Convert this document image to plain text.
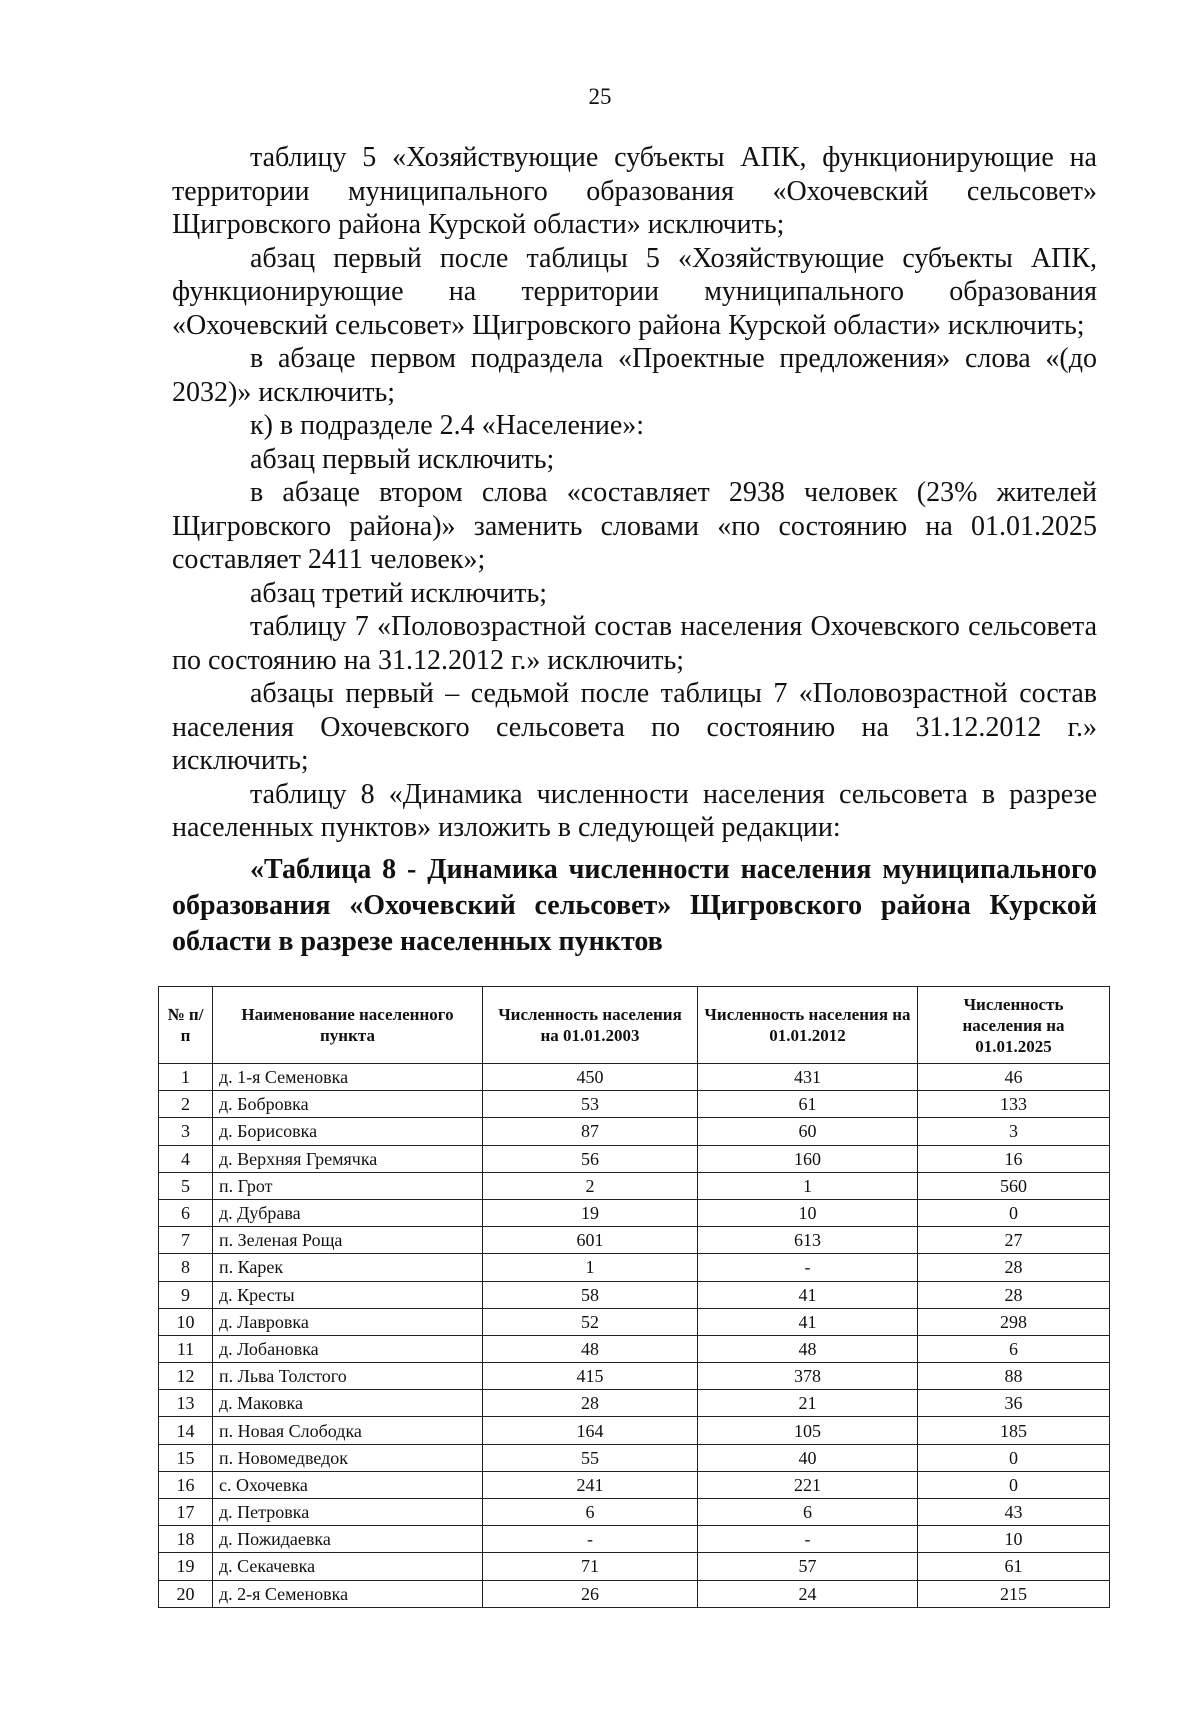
25

таблицу 5 «Хозяйствующие субъекты АПК, функционирующие на территории муниципального образования «Охочевский сельсовет» Щигровского района Курской области» исключить;

абзац первый после таблицы 5 «Хозяйствующие субъекты АПК, функционирующие на территории муниципального образования «Охочевский сельсовет» Щигровского района Курской области» исключить;

в абзаце первом подраздела «Проектные предложения» слова «(до 2032)» исключить;

к) в подразделе 2.4 «Население»:

абзац первый исключить;

в абзаце втором слова «составляет 2938 человек (23% жителей Щигровского района)» заменить словами «по состоянию на 01.01.2025 составляет 2411 человек»;

абзац третий исключить;

таблицу 7 «Половозрастной состав населения Охочевского сельсовета по состоянию на 31.12.2012 г.» исключить;

абзацы первый – седьмой после таблицы 7 «Половозрастной состав населения Охочевского сельсовета по состоянию на 31.12.2012 г.» исключить;

таблицу 8 «Динамика численности населения сельсовета в разрезе населенных пунктов» изложить в следующей редакции:

«Таблица 8 - Динамика численности населения муниципального образования «Охочевский сельсовет» Щигровского района Курской области в разрезе населенных пунктов

№ п/п	Наименование населенного пункта	Численность населения на 01.01.2003	Численность населения на 01.01.2012	Численность населения на 01.01.2025
1	д. 1-я Семеновка	450	431	46
2	д. Бобровка	53	61	133
3	д. Борисовка	87	60	3
4	д. Верхняя Гремячка	56	160	16
5	п. Грот	2	1	560
6	д. Дубрава	19	10	0
7	п. Зеленая Роща	601	613	27
8	п. Карек	1	-	28
9	д. Кресты	58	41	28
10	д. Лавровка	52	41	298
11	д. Лобановка	48	48	6
12	п. Льва Толстого	415	378	88
13	д. Маковка	28	21	36
14	п. Новая Слободка	164	105	185
15	п. Новомедведок	55	40	0
16	с. Охочевка	241	221	0
17	д. Петровка	6	6	43
18	д. Пожидаевка	-	-	10
19	д. Секачевка	71	57	61
20	д. 2-я Семеновка	26	24	215
